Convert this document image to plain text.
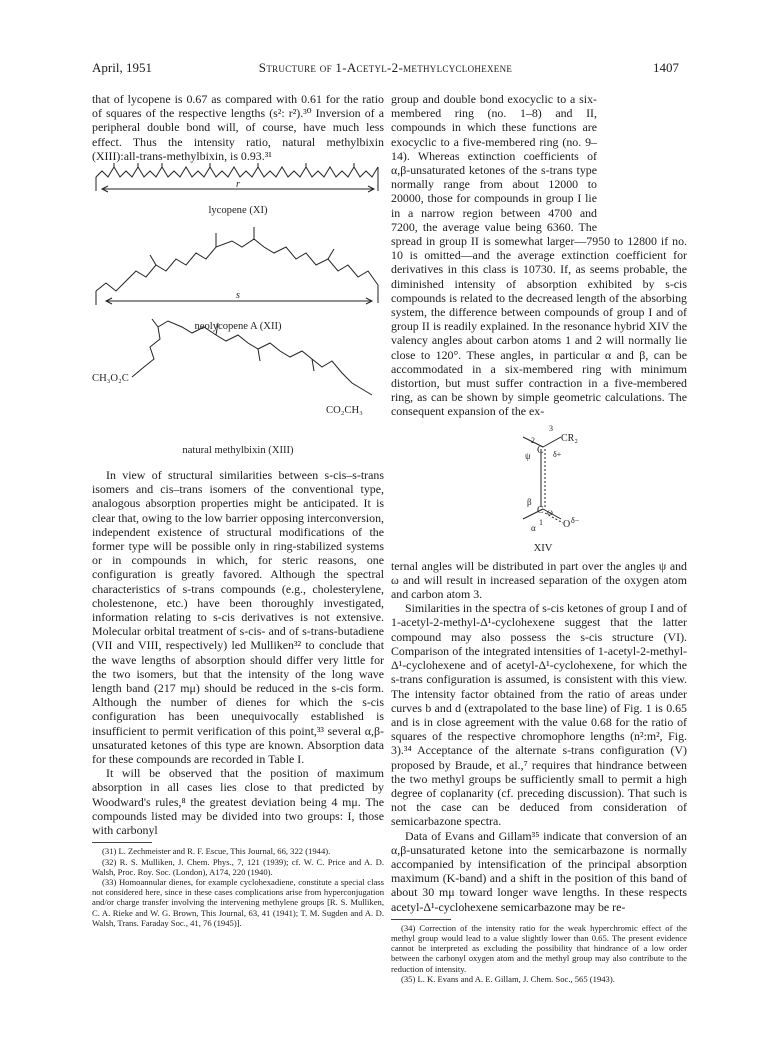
April, 1951	Structure of 1-Acetyl-2-methylcyclohexene	1407

that of lycopene is 0.67 as compared with 0.61 for the ratio of squares of the respective lengths (s²: r²).³⁰ Inversion of a peripheral double bond will, of course, have much less effect. Thus the intensity ratio, natural methylbixin (XIII):all-trans-methylbixin, is 0.93.³¹

r
lycopene (XI)
s
neolycopene A (XII)
CH₃O₂C
CO₂CH₃
natural methylbixin (XIII)

In view of structural similarities between s-cis–s-trans isomers and cis–trans isomers of the conventional type, analogous absorption properties might be anticipated. It is clear that, owing to the low barrier opposing interconversion, independent existence of structural modifications of the former type will be possible only in ring-stabilized systems or in compounds in which, for steric reasons, one configuration is greatly favored. Although the spectral characteristics of s-trans compounds (e.g., cholesterylene, cholestenone, etc.) have been thoroughly investigated, information relating to s-cis derivatives is not extensive. Molecular orbital treatment of s-cis- and of s-trans-butadiene (VII and VIII, respectively) led Mulliken³² to conclude that the wave lengths of absorption should differ very little for the two isomers, but that the intensity of the long wave length band (217 mμ) should be reduced in the s-cis form. Although the number of dienes for which the s-cis configuration has been unequivocally established is insufficient to permit verification of this point,³³ several α,β-unsaturated ketones of this type are known. Absorption data for these compounds are recorded in Table I.

It will be observed that the position of maximum absorption in all cases lies close to that predicted by Woodward's rules,⁸ the greatest deviation being 4 mμ. The compounds listed may be divided into two groups: I, those with carbonyl

(31) L. Zechmeister and R. F. Escue, This Journal, 66, 322 (1944).

(32) R. S. Mulliken, J. Chem. Phys., 7, 121 (1939); cf. W. C. Price and A. D. Walsh, Proc. Roy. Soc. (London), A174, 220 (1940).

(33) Homoannular dienes, for example cyclohexadiene, constitute a special class not considered here, since in these cases complications arise from hyperconjugation and/or charge transfer involving the intervening methylene groups [R. S. Mulliken, C. A. Rieke and W. G. Brown, This Journal, 63, 41 (1941); T. M. Sugden and A. D. Walsh, Trans. Faraday Soc., 41, 76 (1945)].

group and double bond exocyclic to a six-membered ring (no. 1–8) and II, compounds in which these functions are exocyclic to a five-membered ring (no. 9–14). Whereas extinction coefficients of α,β-unsaturated ketones of the s-trans type normally range from about 12000 to 20000, those for compounds in group I lie in a narrow region between 4700 and 7200, the average value being 6360. The spread in group II is somewhat larger—7950 to 12800 if no. 10 is omitted—and the average extinction coefficient for derivatives in this class is 10730. If, as seems probable, the diminished intensity of absorption exhibited by s-cis compounds is related to the decreased length of the absorbing system, the difference between compounds of group I and of group II is readily explained. In the resonance hybrid XIV the valency angles about carbon atoms 1 and 2 will normally lie close to 120°. These angles, in particular α and β, can be accommodated in a six-membered ring with minimum distortion, but must suffer contraction in a five-membered ring, as can be shown by simple geometric calculations. The consequent expansion of the ex-

3
CR₂
2
C
ψ	δ+
β
C ω
O δ−
1
α
XIV

ternal angles will be distributed in part over the angles ψ and ω and will result in increased separation of the oxygen atom and carbon atom 3.

Similarities in the spectra of s-cis ketones of group I and of 1-acetyl-2-methyl-Δ¹-cyclohexene suggest that the latter compound may also possess the s-cis structure (VI). Comparison of the integrated intensities of 1-acetyl-2-methyl-Δ¹-cyclohexene and of acetyl-Δ¹-cyclohexene, for which the s-trans configuration is assumed, is consistent with this view. The intensity factor obtained from the ratio of areas under curves b and d (extrapolated to the base line) of Fig. 1 is 0.65 and is in close agreement with the value 0.68 for the ratio of squares of the respective chromophore lengths (n²:m², Fig. 3).³⁴ Acceptance of the alternate s-trans configuration (V) proposed by Braude, et al.,⁷ requires that hindrance between the two methyl groups be sufficiently small to permit a high degree of coplanarity (cf. preceding discussion). That such is not the case can be deduced from consideration of semicarbazone spectra.

Data of Evans and Gillam³⁵ indicate that conversion of an α,β-unsaturated ketone into the semicarbazone is normally accompanied by intensification of the principal absorption maximum (K-band) and a shift in the position of this band of about 30 mμ toward longer wave lengths. In these respects acetyl-Δ¹-cyclohexene semicarbazone may be re-

(34) Correction of the intensity ratio for the weak hyperchromic effect of the methyl group would lead to a value slightly lower than 0.65. The present evidence cannot be interpreted as excluding the possibility that hindrance of a low order between the carbonyl oxygen atom and the methyl group may also contribute to the reduction of intensity.

(35) L. K. Evans and A. E. Gillam, J. Chem. Soc., 565 (1943).
